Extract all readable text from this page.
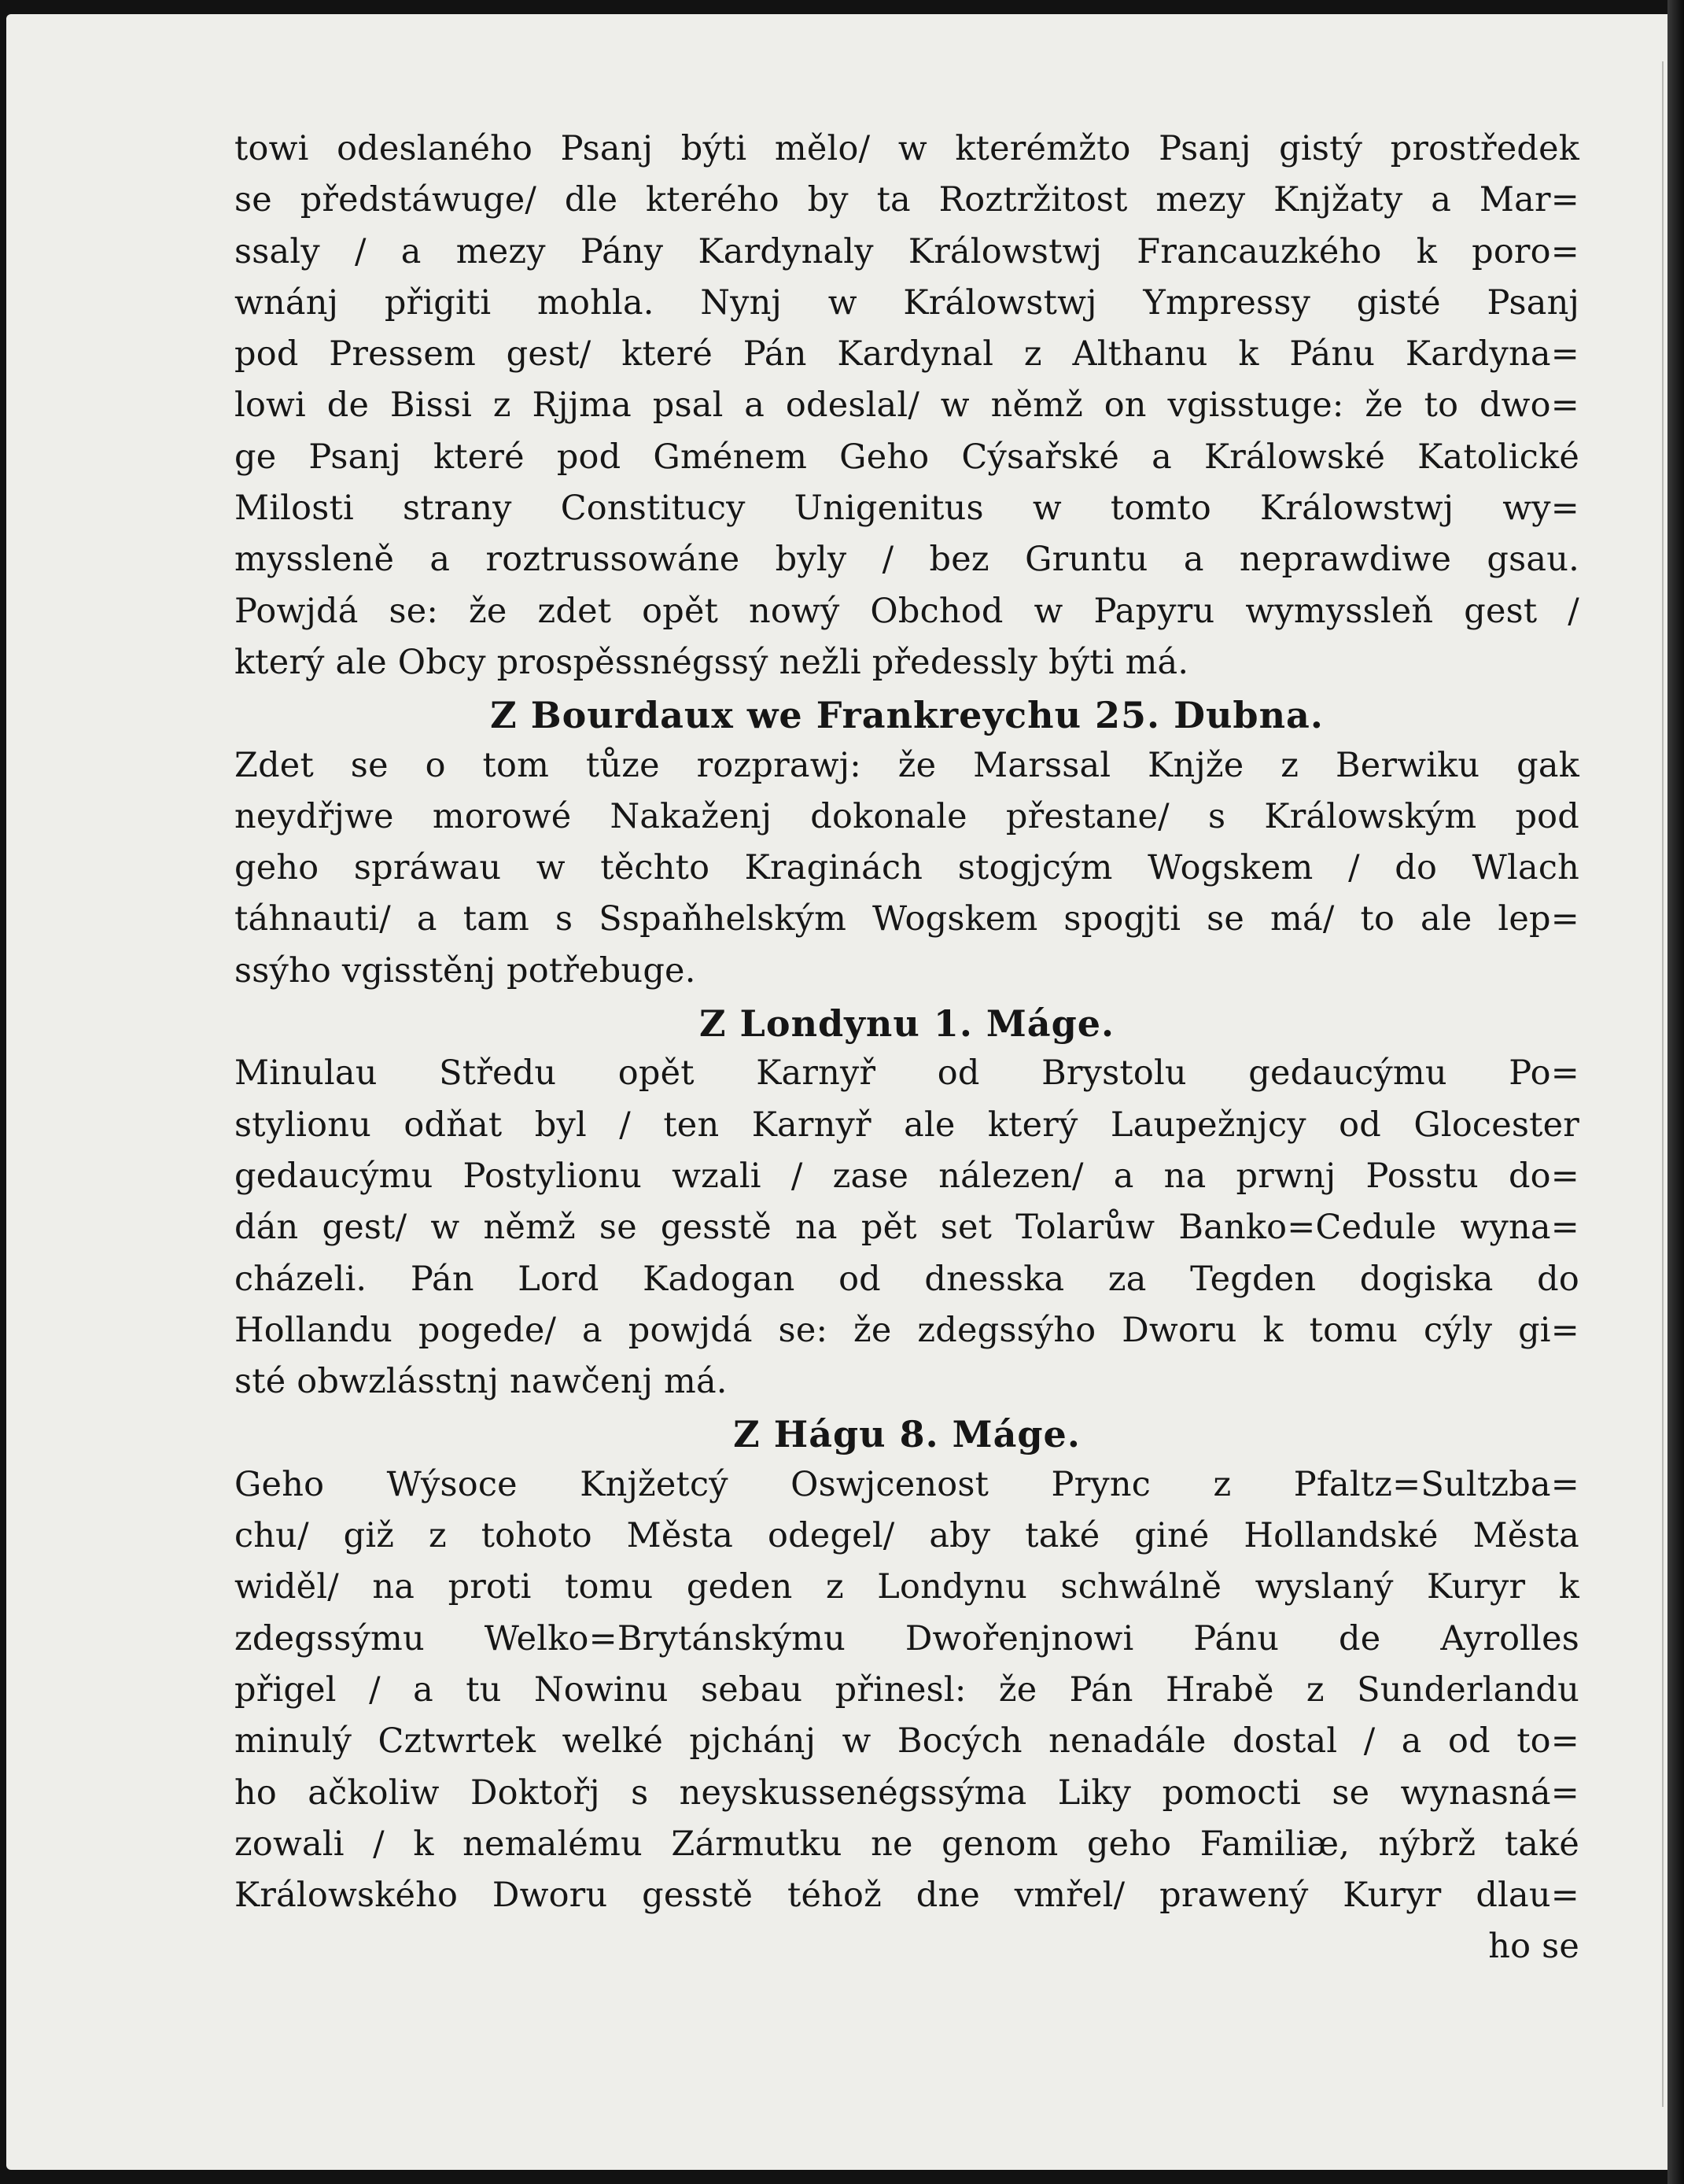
towi odeslaného Psanj býti mělo/ w kterémžto Psanj gistý prostředek
se předstáwuge/ dle kterého by ta Roztržitost mezy Knjžaty a Mar=
ssaly / a mezy Pány Kardynaly Králowstwj Francauzkého k poro=
wnánj přigiti mohla. Nynj w Králowstwj Ympressy gisté Psanj
pod Pressem gest/ které Pán Kardynal z Althanu k Pánu Kardyna=
lowi de Bissi z Rjjma psal a odeslal/ w němž on vgisstuge: že to dwo=
ge Psanj které pod Gménem Geho Cýsařské a Králowské Katolické
Milosti strany Constitucy Unigenitus w tomto Králowstwj wy=
myssleně a roztrussowáne byly / bez Gruntu a neprawdiwe gsau.
Powjdá se: že zdet opět nowý Obchod w Papyru wymyssleň gest /
který ale Obcy prospěssnégssý nežli předessly býti má.
Z Bourdaux we Frankreychu 25. Dubna.
Zdet se o tom tůze rozprawj: že Marssal Knjže z Berwiku gak
neydřjwe morowé Nakaženj dokonale přestane/ s Králowským pod
geho spráwau w těchto Kraginách stogjcým Wogskem / do Wlach
táhnauti/ a tam s Sspaňhelským Wogskem spogjti se má/ to ale lep=
ssýho vgisstěnj potřebuge.
Z Londynu 1. Máge.
Minulau Středu opět Karnyř od Brystolu gedaucýmu Po=
stylionu odňat byl / ten Karnyř ale který Laupežnjcy od Glocester
gedaucýmu Postylionu wzali / zase nálezen/ a na prwnj Posstu do=
dán gest/ w němž se gesstě na pět set Tolarůw Banko=Cedule wyna=
cházeli. Pán Lord Kadogan od dnesska za Tegden dogiska do
Hollandu pogede/ a powjdá se: že zdegssýho Dworu k tomu cýly gi=
sté obwzlásstnj nawčenj má.
Z Hágu 8. Máge.
Geho Wýsoce Knjžetcý Oswjcenost Prync z Pfaltz=Sultzba=
chu/ giž z tohoto Města odegel/ aby také giné Hollandské Města
widěl/ na proti tomu geden z Londynu schwálně wyslaný Kuryr k
zdegssýmu Welko=Brytánskýmu Dwořenjnowi Pánu de Ayrolles
přigel / a tu Nowinu sebau přinesl: že Pán Hrabě z Sunderlandu
minulý Cztwrtek welké pjchánj w Bocých nenadále dostal / a od to=
ho ačkoliw Doktořj s neyskussenégssýma Liky pomocti se wynasná=
zowali / k nemalému Zármutku ne genom geho Familiæ, nýbrž také
Králowského Dworu gesstě téhož dne vmřel/ prawený Kuryr dlau=
ho se
